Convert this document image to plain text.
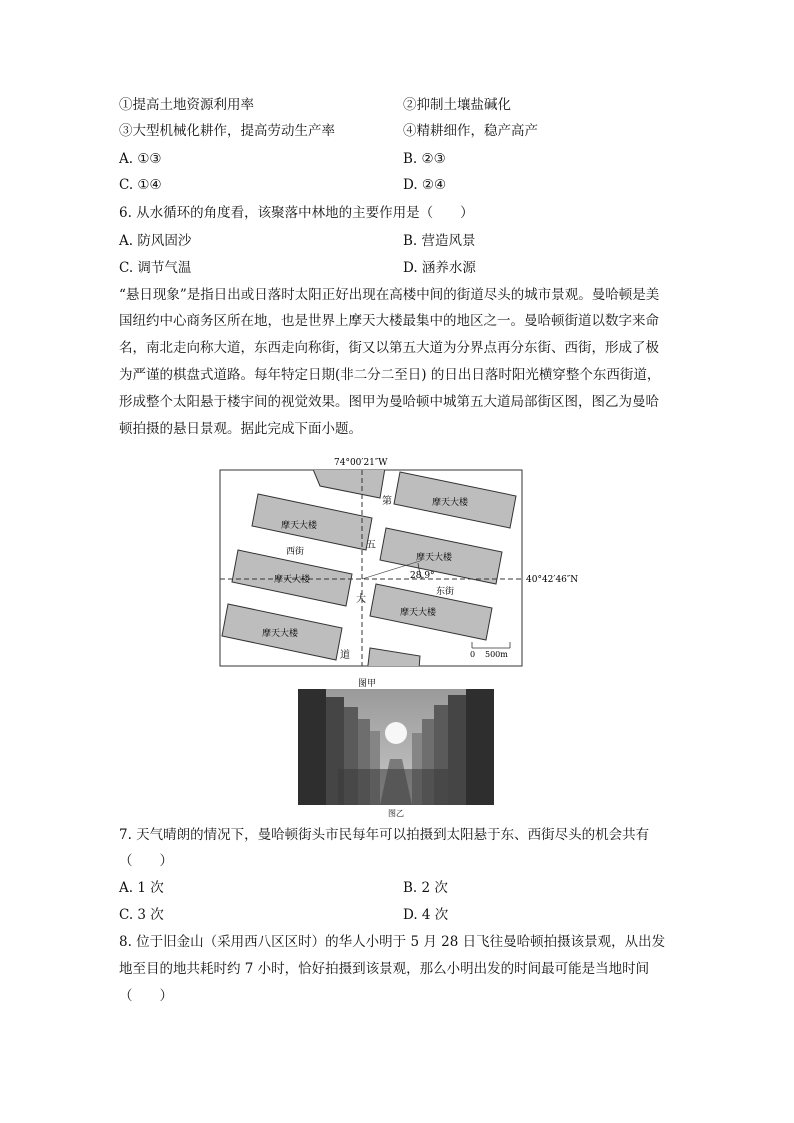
①提高土地资源利用率	②抑制土壤盐碱化
③大型机械化耕作，提高劳动生产率	④精耕细作，稳产高产
A. ①③	B. ②③
C. ①④	D. ②④
6. 从水循环的角度看，该聚落中林地的主要作用是（　　）
A. 防风固沙	B. 营造风景
C. 调节气温	D. 涵养水源
“悬日现象”是指日出或日落时太阳正好出现在高楼中间的街道尽头的城市景观。曼哈顿是美
国纽约中心商务区所在地，也是世界上摩天大楼最集中的地区之一。曼哈顿街道以数字来命
名，南北走向称大道，东西走向称街，街又以第五大道为分界点再分东街、西街，形成了极
为严谨的棋盘式道路。每年特定日期(非二分二至日) 的日出日落时阳光横穿整个东西街道，
形成整个太阳悬于楼宇间的视觉效果。图甲为曼哈顿中城第五大道局部街区图，图乙为曼哈
顿拍摄的悬日景观。据此完成下面小题。
74°00′21″W
摩天大楼
摩天大楼
摩天大楼
摩天大楼
摩天大楼
摩天大楼
西街
东街
28.9°
第
五
大
道
40°42′46″N
0 500m
图甲
图乙
7. 天气晴朗的情况下，曼哈顿街头市民每年可以拍摄到太阳悬于东、西街尽头的机会共有
（　　）
A. 1 次	B. 2 次
C. 3 次	D. 4 次
8. 位于旧金山（采用西八区区时）的华人小明于 5 月 28 日飞往曼哈顿拍摄该景观，从出发
地至目的地共耗时约 7 小时，恰好拍摄到该景观，那么小明出发的时间最可能是当地时间
（　　）
